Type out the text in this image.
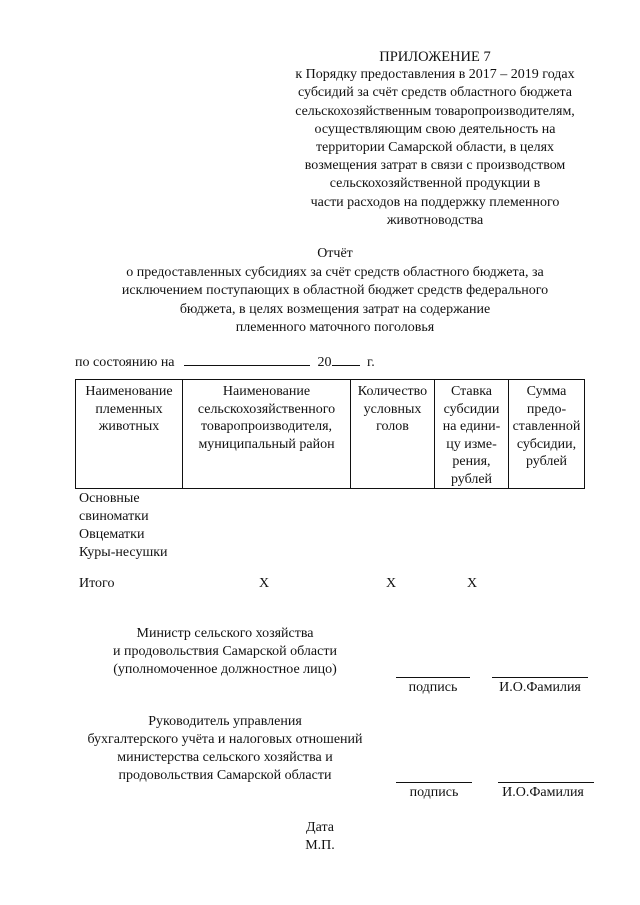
ПРИЛОЖЕНИЕ 7
к Порядку предоставления в 2017 – 2019 годах
субсидий за счёт средств областного бюджета
сельскохозяйственным товаропроизводителям,
осуществляющим свою деятельность на
территории Самарской области, в целях
возмещения затрат в связи с производством
сельскохозяйственной продукции в
части расходов на поддержку племенного
животноводства
Отчёт
о предоставленных субсидиях за счёт средств областного бюджета, за
исключением поступающих в областной бюджет средств федерального
бюджета, в целях возмещения затрат на содержание
племенного маточного поголовья
по состоянию на	20	г.
Наименование
племенных
животных

Наименование
сельскохозяйственного
товаропроизводителя,
муниципальный район

Количество
условных
голов

Ставка
субсидии
на едини-
цу изме-
рения,
рублей

Сумма
предо-
ставленной
субсидии,
рублей
Основные
свиноматки
Овцематки
Куры-несушки
Итого	Х	Х	Х
Министр сельского хозяйства
и продовольствия Самарской области
(уполномоченное должностное лицо)
подпись	И.О.Фамилия
Руководитель управления
бухгалтерского учёта и налоговых отношений
министерства сельского хозяйства и
продовольствия Самарской области
подпись	И.О.Фамилия
Дата
М.П.
